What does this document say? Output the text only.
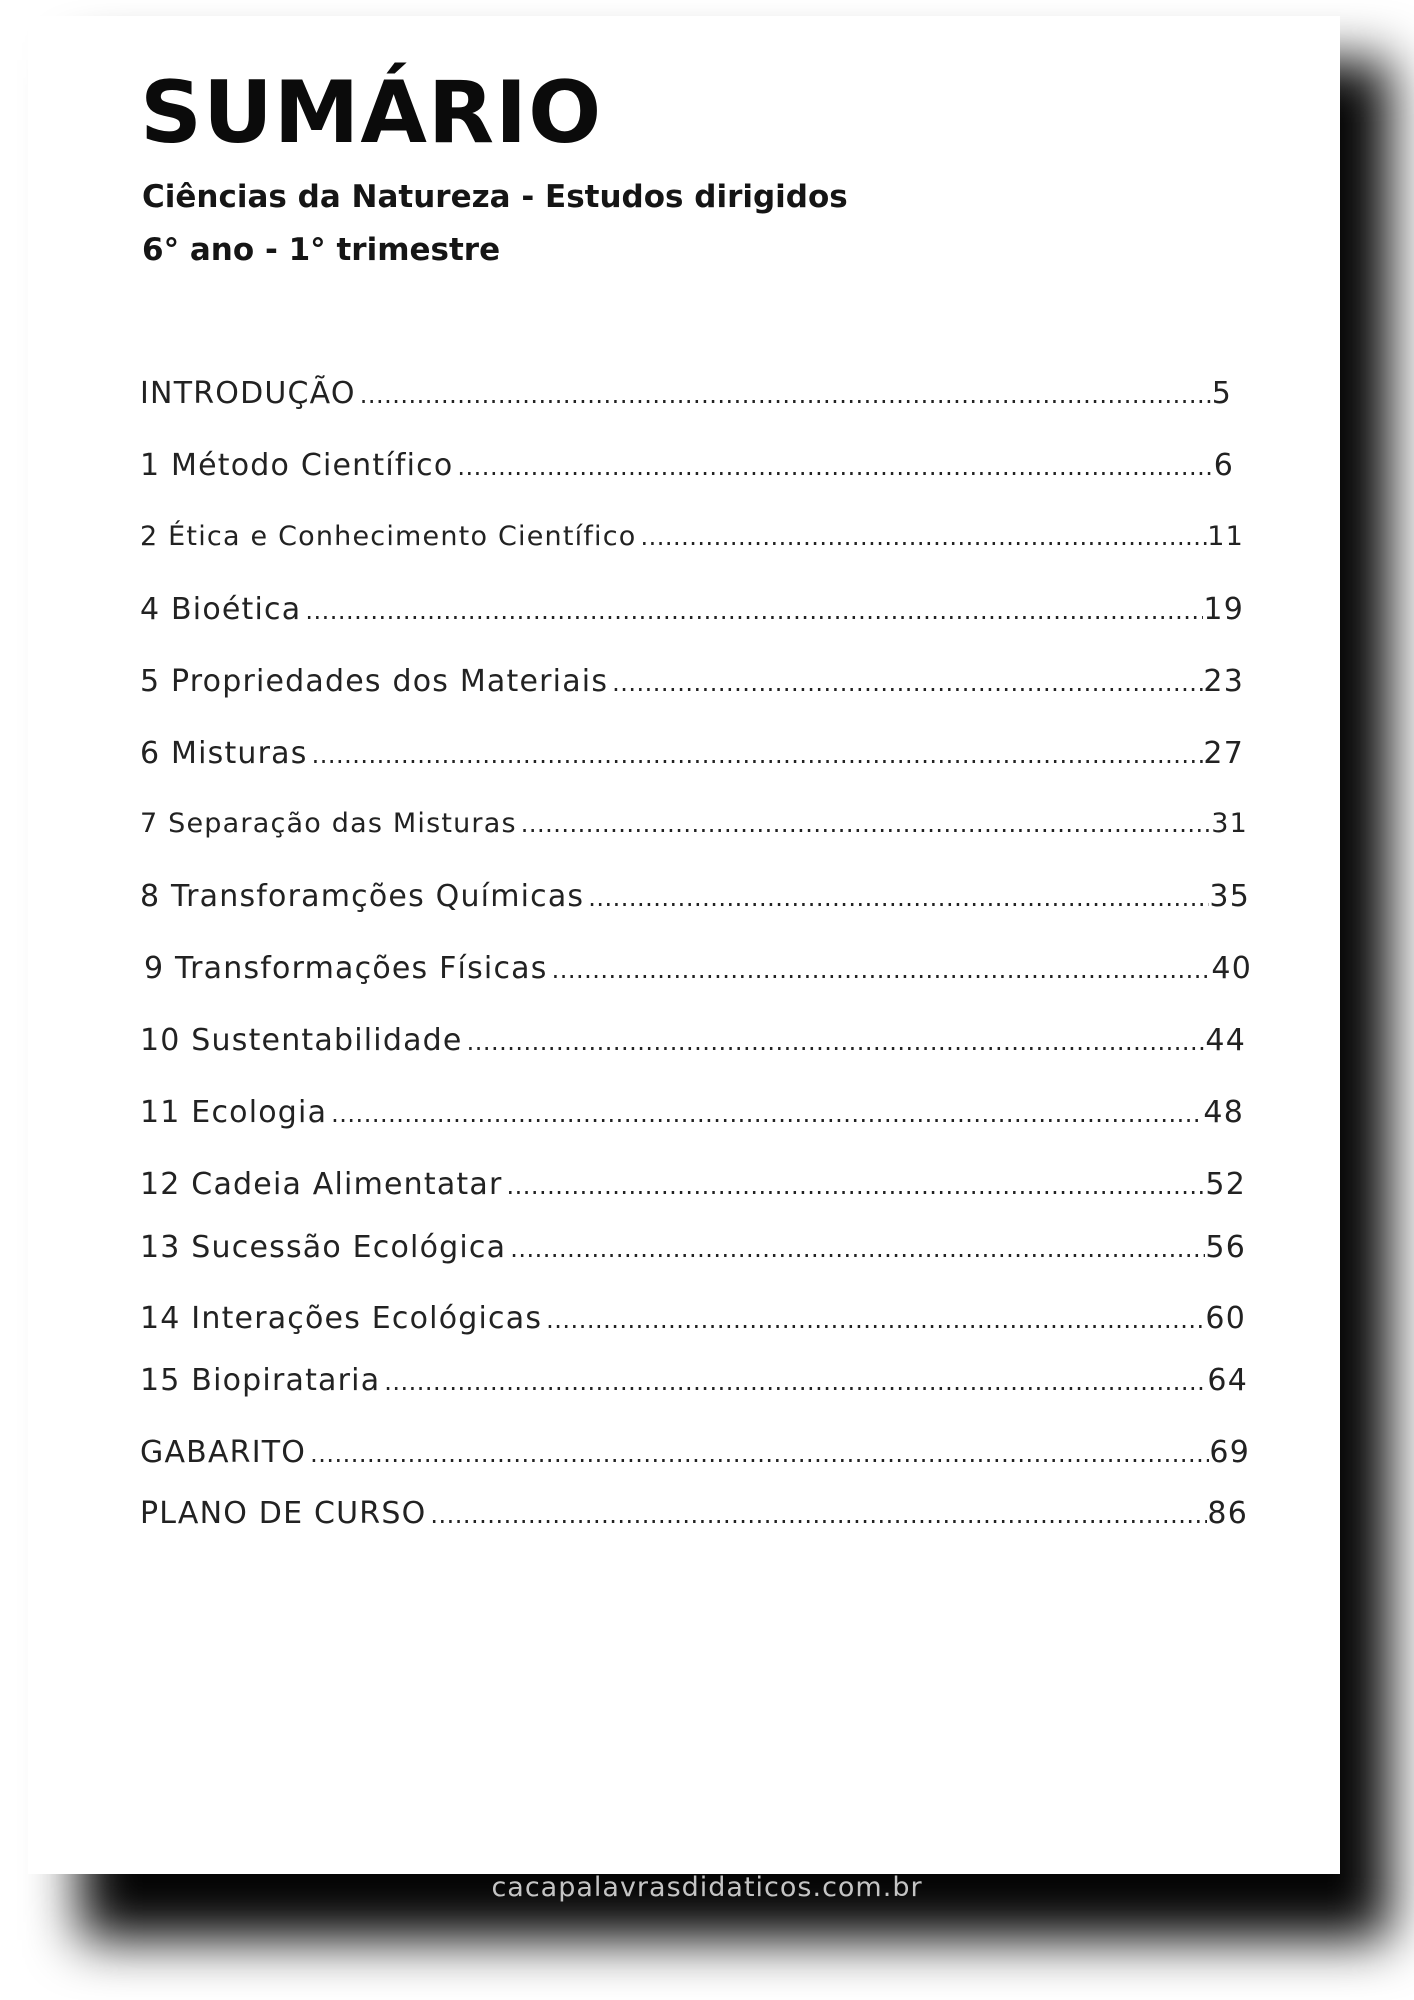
SUMÁRIO

Ciências da Natureza - Estudos dirigidos

6° ano - 1° trimestre

INTRODUÇÃO .....	5
1 Método Científico .....	6
2 Ética e Conhecimento Científico .....	11
4 Bioética .....	19
5 Propriedades dos Materiais .....	23
6 Misturas .....	27
7 Separação das Misturas .....	31
8 Transforamções Químicas .....	35
9 Transformações Físicas .....	40
10 Sustentabilidade .....	44
11 Ecologia .....	48
12 Cadeia Alimentatar .....	52
13 Sucessão Ecológica .....	56
14 Interações Ecológicas .....	60
15 Biopirataria .....	64
GABARITO .....	69
PLANO DE CURSO .....	86

cacapalavrasdidaticos.com.br
